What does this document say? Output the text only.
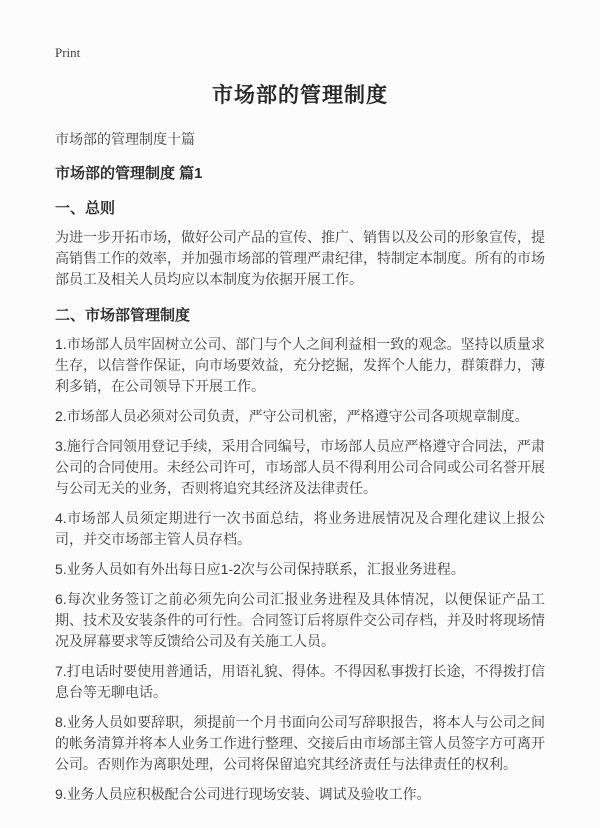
Print
市场部的管理制度

市场部的管理制度十篇

市场部的管理制度 篇1

一、总则

为进一步开拓市场，做好公司产品的宣传、推广、销售以及公司的形象宣传，提高销售工作的效率，并加强市场部的管理严肃纪律，特制定本制度。所有的市场部员工及相关人员均应以本制度为依据开展工作。

二、市场部管理制度

1.市场部人员牢固树立公司、部门与个人之间利益相一致的观念。坚持以质量求生存，以信誉作保证，向市场要效益，充分挖掘，发挥个人能力，群策群力，薄利多销，在公司领导下开展工作。

2.市场部人员必须对公司负责，严守公司机密，严格遵守公司各项规章制度。

3.施行合同领用登记手续，采用合同编号，市场部人员应严格遵守合同法，严肃公司的合同使用。未经公司许可，市场部人员不得利用公司合同或公司名誉开展与公司无关的业务，否则将追究其经济及法律责任。

4.市场部人员须定期进行一次书面总结，将业务进展情况及合理化建议上报公司，并交市场部主管人员存档。

5.业务人员如有外出每日应1-2次与公司保持联系，汇报业务进程。

6.每次业务签订之前必须先向公司汇报业务进程及具体情况，以便保证产品工期、技术及安装条件的可行性。合同签订后将原件交公司存档，并及时将现场情况及屏幕要求等反馈给公司及有关施工人员。

7.打电话时要使用普通话，用语礼貌、得体。不得因私事拨打长途，不得拨打信息台等无聊电话。

8.业务人员如要辞职，须提前一个月书面向公司写辞职报告，将本人与公司之间的帐务清算并将本人业务工作进行整理、交接后由市场部主管人员签字方可离开公司。否则作为离职处理，公司将保留追究其经济责任与法律责任的权利。

9.业务人员应积极配合公司进行现场安装、调试及验收工作。
